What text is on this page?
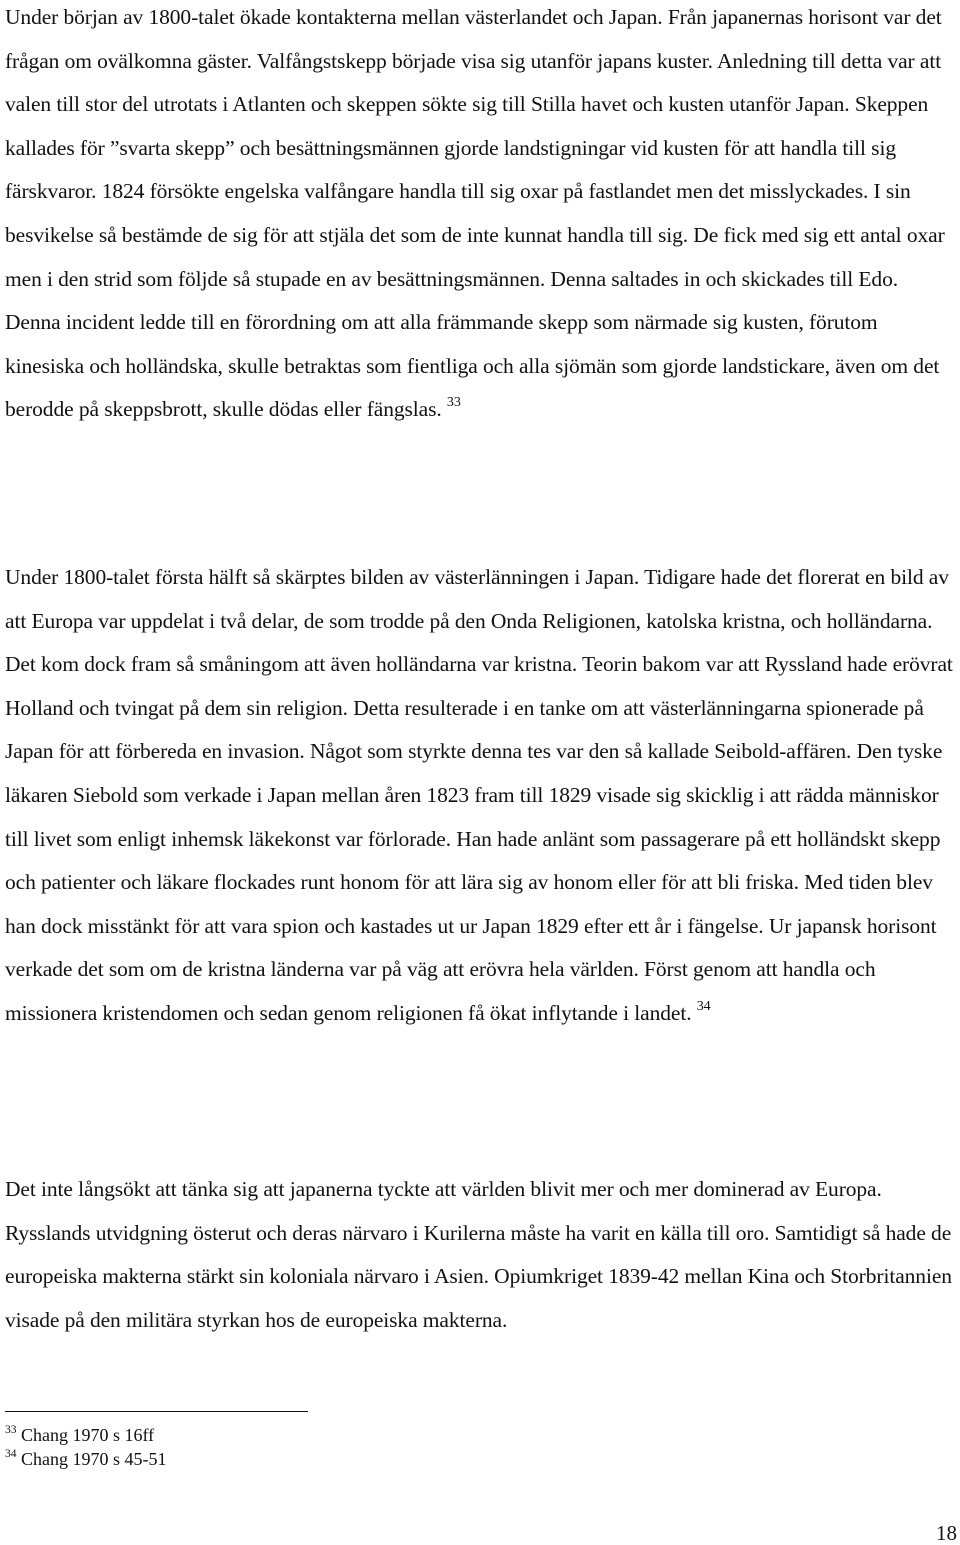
Under början av 1800-talet ökade kontakterna mellan västerlandet och Japan. Från japanernas horisont var det frågan om ovälkomna gäster. Valfångstskepp började visa sig utanför japans kuster. Anledning till detta var att valen till stor del utrotats i Atlanten och skeppen sökte sig till Stilla havet och kusten utanför Japan. Skeppen kallades för ”svarta skepp” och besättningsmännen gjorde landstigningar vid kusten för att handla till sig färskvaror. 1824 försökte engelska valfångare handla till sig oxar på fastlandet men det misslyckades. I sin besvikelse så bestämde de sig för att stjäla det som de inte kunnat handla till sig. De fick med sig ett antal oxar men i den strid som följde så stupade en av besättningsmännen. Denna saltades in och skickades till Edo. Denna incident ledde till en förordning om att alla främmande skepp som närmade sig kusten, förutom kinesiska och holländska, skulle betraktas som fientliga och alla sjömän som gjorde landstickare, även om det berodde på skeppsbrott, skulle dödas eller fängslas. $^{33}$

Under 1800-talet första hälft så skärptes bilden av västerlänningen i Japan. Tidigare hade det florerat en bild av att Europa var uppdelat i två delar, de som trodde på den Onda Religionen, katolska kristna, och holländarna. Det kom dock fram så småningom att även holländarna var kristna. Teorin bakom var att Ryssland hade erövrat Holland och tvingat på dem sin religion. Detta resulterade i en tanke om att västerlänningarna spionerade på Japan för att förbereda en invasion. Något som styrkte denna tes var den så kallade Seibold-affären. Den tyske läkaren Siebold som verkade i Japan mellan åren 1823 fram till 1829 visade sig skicklig i att rädda människor till livet som enligt inhemsk läkekonst var förlorade. Han hade anlänt som passagerare på ett holländskt skepp och patienter och läkare flockades runt honom för att lära sig av honom eller för att bli friska. Med tiden blev han dock misstänkt för att vara spion och kastades ut ur Japan 1829 efter ett år i fängelse. Ur japansk horisont verkade det som om de kristna länderna var på väg att erövra hela världen. Först genom att handla och missionera kristendomen och sedan genom religionen få ökat inflytande i landet. $^{34}$

Det inte långsökt att tänka sig att japanerna tyckte att världen blivit mer och mer dominerad av Europa. Rysslands utvidgning österut och deras närvaro i Kurilerna måste ha varit en källa till oro. Samtidigt så hade de europeiska makterna stärkt sin koloniala närvaro i Asien. Opiumkriget 1839-42 mellan Kina och Storbritannien visade på den militära styrkan hos de europeiska makterna.

$^{33}$ Chang 1970 s 16ff

$^{34}$ Chang 1970 s 45-51

18
